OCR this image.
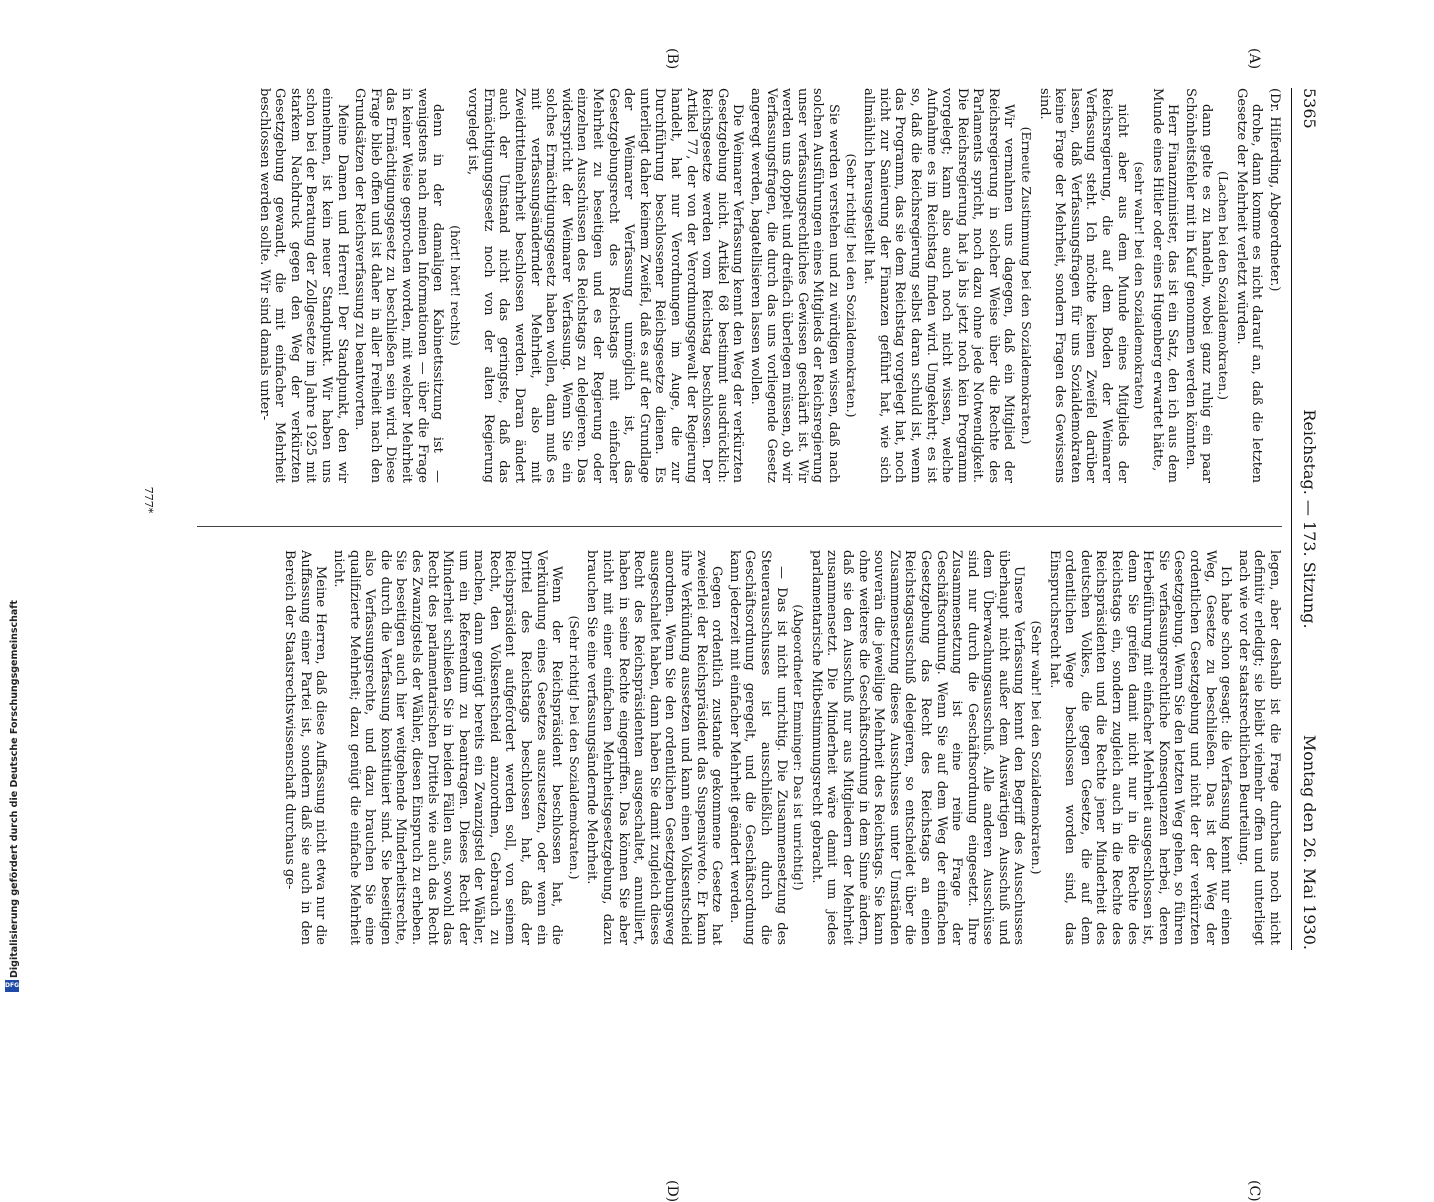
Digitalisierung gefördert durch die Deutsche Forschungsgemeinschaft
DFG
5365
Reichstag. — 173. Sitzung.
Montag den 26. Mai 1930.
(A)
(B)
(C)
(D)

(Dr. Hilferding, Abgeordneter.)

drohe, dann komme es nicht darauf an, daß die letzten Gesetze der Mehrheit verletzt würden.

(Lachen bei den Sozialdemokraten.)

dann gelte es zu handeln, wobei ganz ruhig ein paar Schönheitsfehler mit in Kauf genommen werden könnten.

Herr Finanzminister, das ist ein Satz, den ich aus dem Munde eines Hitler oder eines Hugenberg erwartet hätte,

(sehr wahr! bei den Sozialdemokraten)

nicht aber aus dem Munde eines Mitglieds der Reichsregierung, die auf dem Boden der Weimarer Verfassung steht. Ich möchte keinen Zweifel darüber lassen, daß Verfassungsfragen für uns Sozialdemokraten keine Frage der Mehrheit, sondern Fragen des Gewissens sind.

(Erneute Zustimmung bei den Sozialdemokraten.)

Wir vermahnen uns dagegen, daß ein Mitglied der Reichsregierung in solcher Weise über die Rechte des Parlaments spricht, noch dazu ohne jede Notwendigkeit. Die Reichsregierung hat ja bis jetzt noch kein Programm vorgelegt; kann also auch noch nicht wissen, welche Aufnahme es im Reichstag finden wird. Umgekehrt; es ist so, daß die Reichsregierung selbst daran schuld ist, wenn das Programm, das sie dem Reichstag vorgelegt hat, noch nicht zur Sanierung der Finanzen geführt hat, wie sich allmählich herausgestellt hat.

(Sehr richtig! bei den Sozialdemokraten.)

Sie werden verstehen und zu würdigen wissen, daß nach solchen Ausführungen eines Mitglieds der Reichsregierung unser verfassungsrechtliches Gewissen geschärft ist. Wir werden uns doppelt und dreifach überlegen müssen, ob wir Verfassungsfragen, die durch das uns vorliegende Gesetz angeregt werden, bagatellisieren lassen wollen.

Die Weimarer Verfassung kennt den Weg der verkürzten Gesetzgebung nicht. Artikel 68 bestimmt ausdrücklich: Reichsgesetze werden vom Reichstag beschlossen. Der Artikel 77, der von der Verordnungsgewalt der Regierung handelt, hat nur Verordnungen im Auge, die zur Durchführung beschlossener Reichsgesetze dienen. Es unterliegt daher keinem Zweifel, daß es auf der Grundlage der Weimarer Verfassung unmöglich ist, das Gesetzgebungsrecht des Reichstags mit einfacher Mehrheit zu beseitigen und es der Regierung oder einzelnen Ausschüssen des Reichstags zu delegieren. Das widerspricht der Weimarer Verfassung. Wenn Sie ein solches Ermächtigungsgesetz haben wollen, dann muß es mit verfassungsändernder Mehrheit, also mit Zweidrittelmehrheit beschlossen werden. Daran ändert auch der Umstand nicht das geringste, daß das Ermächtigungsgesetz noch von der alten Regierung vorgelegt ist,

(hört! hört! rechts)

denn in der damaligen Kabinettssitzung ist — wenigstens nach meinen Informationen — über die Frage in keiner Weise gesprochen worden, mit welcher Mehrheit das Ermächtigungsgesetz zu beschließen sein wird. Diese Frage blieb offen und ist daher in aller Freiheit nach den Grundsätzen der Reichsverfassung zu beantworten.

Meine Damen und Herren! Der Standpunkt, den wir einnehmen, ist kein neuer Standpunkt. Wir haben uns schon bei der Beratung der Zollgesetze im Jahre 1925 mit starkem Nachdruck gegen den Weg der verkürzten Gesetzgebung gewandt, die mit einfacher Mehrheit beschlossen werden sollte. Wir sind damals unter-

legen, aber deshalb ist die Frage durchaus noch nicht definitiv erledigt; sie bleibt vielmehr offen und unterliegt nach wie vor der staatsrechtlichen Beurteilung.

Ich habe schon gesagt: die Verfassung kennt nur einen Weg, Gesetze zu beschließen. Das ist der Weg der ordentlichen Gesetzgebung und nicht der der verkürzten Gesetzgebung. Wenn Sie den letzten Weg gehen, so führen Sie verfassungsrechtliche Konsequenzen herbei, deren Herbeiführung mit einfacher Mehrheit ausgeschlossen ist, denn Sie greifen damit nicht nur in die Rechte des Reichstags ein, sondern zugleich auch in die Rechte des Reichspräsidenten und die Rechte jener Minderheit des deutschen Volkes, die gegen Gesetze, die auf dem ordentlichen Wege beschlossen worden sind, das Einspruchsrecht hat.

(Sehr wahr! bei den Sozialdemokraten.)

Unsere Verfassung kennt den Begriff des Ausschusses überhaupt nicht außer dem Auswärtigen Ausschuß und dem Überwachungsausschuß. Alle anderen Ausschüsse sind nur durch die Geschäftsordnung eingesetzt. Ihre Zusammensetzung ist eine reine Frage der Geschäftsordnung. Wenn Sie auf dem Weg der einfachen Gesetzgebung das Recht des Reichstags an einen Reichstagsausschuß delegieren, so entscheidet über die Zusammensetzung dieses Ausschusses unter Umständen souverän die jeweilige Mehrheit des Reichstags. Sie kann ohne weiteres die Geschäftsordnung in dem Sinne ändern, daß sie den Ausschuß nur aus Mitgliedern der Mehrheit zusammensetzt. Die Minderheit wäre damit um jedes parlamentarische Mitbestimmungsrecht gebracht.

(Abgeordneter Emminger: Das ist unrichtig!)

— Das ist nicht unrichtig. Die Zusammensetzung des Steuerausschusses ist ausschließlich durch die Geschäftsordnung geregelt, und die Geschäftsordnung kann jederzeit mit einfacher Mehrheit geändert werden.

Gegen ordentlich zustande gekommene Gesetze hat zweierlei der Reichspräsident das Suspensivveto. Er kann ihre Verkündung aussetzen und kann einen Volksentscheid anordnen. Wenn Sie den ordentlichen Gesetzgebungsweg ausgeschaltet haben, dann haben Sie damit zugleich dieses Recht des Reichspräsidenten ausgeschaltet, annulliert, haben in seine Rechte eingegriffen. Das können Sie aber nicht mit einer einfachen Mehrheitsgesetzgebung, dazu brauchen Sie eine verfassungsändernde Mehrheit.

(Sehr richtig! bei den Sozialdemokraten.)

Wenn der Reichspräsident beschlossen hat, die Verkündung eines Gesetzes auszusetzen, oder wenn ein Drittel des Reichstags beschlossen hat, daß der Reichspräsident aufgefordert werden soll, von seinem Recht, den Volksentscheid anzuordnen, Gebrauch zu machen, dann genügt bereits ein Zwanzigstel der Wähler, um ein Referendum zu beantragen. Dieses Recht der Minderheit schließen Sie in beiden Fällen aus, sowohl das Recht des parlamentarischen Drittels wie auch das Recht des Zwanzigstels der Wähler, diesen Einspruch zu erheben. Sie beseitigen auch hier weitgehende Minderheitsrechte, die durch die Verfassung konstituiert sind. Sie beseitigen also Verfassungsrechte, und dazu brauchen Sie eine qualifizierte Mehrheit; dazu genügt die einfache Mehrheit nicht.

Meine Herren, daß diese Auffassung nicht etwa nur die Auffassung einer Partei ist, sondern daß sie auch in den Bereich der Staatsrechtswissenschaft durchaus ge-

777*
